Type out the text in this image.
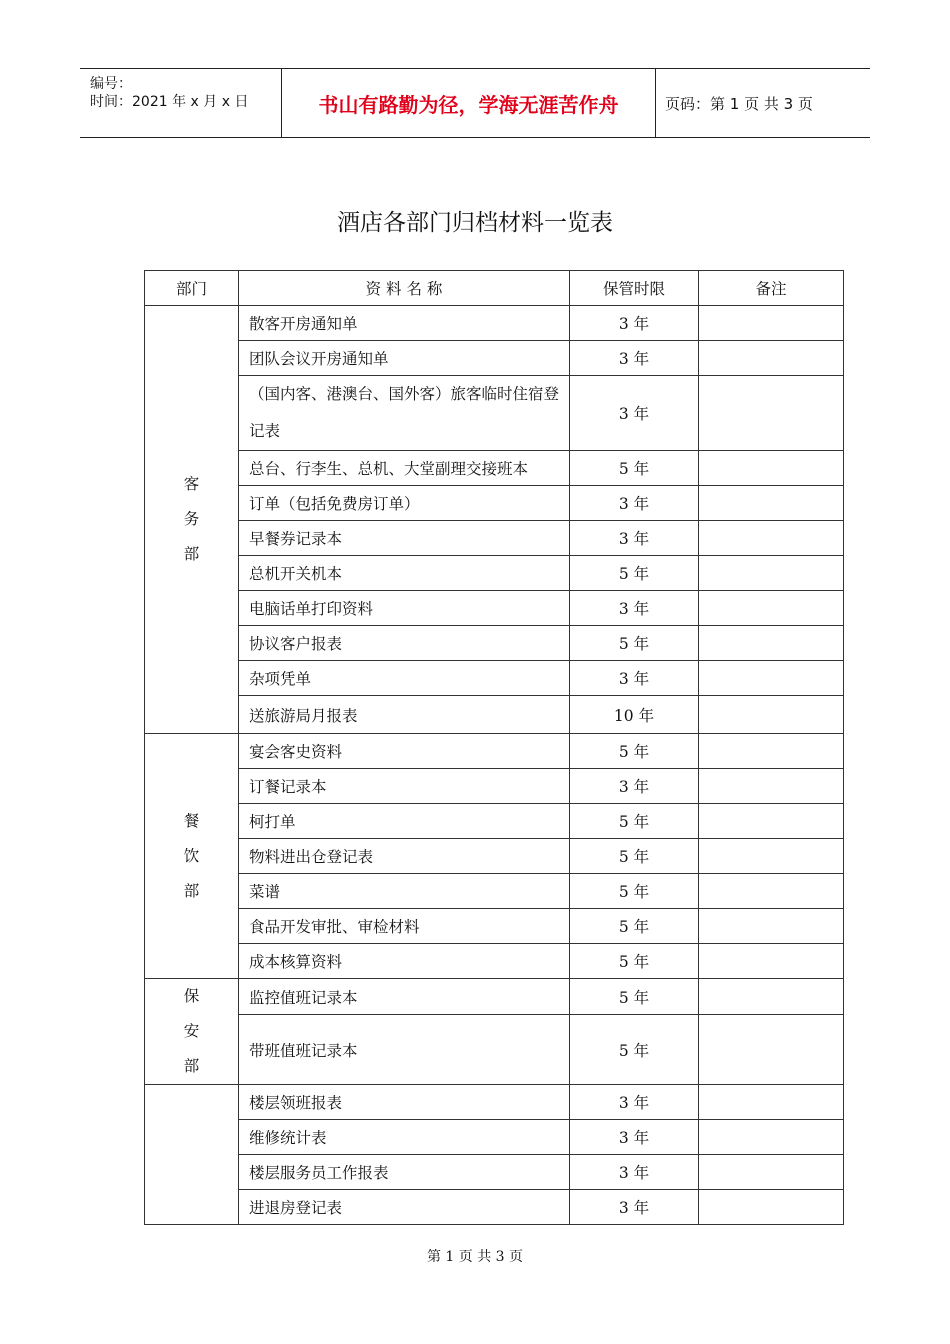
编号：
时间：2021 年 x 月 x 日	书山有路勤为径，学海无涯苦作舟	页码：第 1 页 共 3 页
酒店各部门归档材料一览表
部门	资 料 名 称	保管时限	备注

客
务
部	散客开房通知单	3 年	
	团队会议开房通知单	3 年	
	（国内客、港澳台、国外客）旅客临时住宿登记表	3 年	
	总台、行李生、总机、大堂副理交接班本	5 年	
	订单（包括免费房订单）	3 年	
	早餐券记录本	3 年	
	总机开关机本	5 年	
	电脑话单打印资料	3 年	
	协议客户报表	5 年	
	杂项凭单	3 年	
	送旅游局月报表	10 年	

餐
饮
部	宴会客史资料	5 年	
	订餐记录本	3 年	
	柯打单	5 年	
	物料进出仓登记表	5 年	
	菜谱	5 年	
	食品开发审批、审检材料	5 年	
	成本核算资料	5 年	

保
安
部	监控值班记录本	5 年	
	带班值班记录本	5 年	

	楼层领班报表	3 年	
	维修统计表	3 年	
	楼层服务员工作报表	3 年	
	进退房登记表	3 年	
第 1 页 共 3 页
